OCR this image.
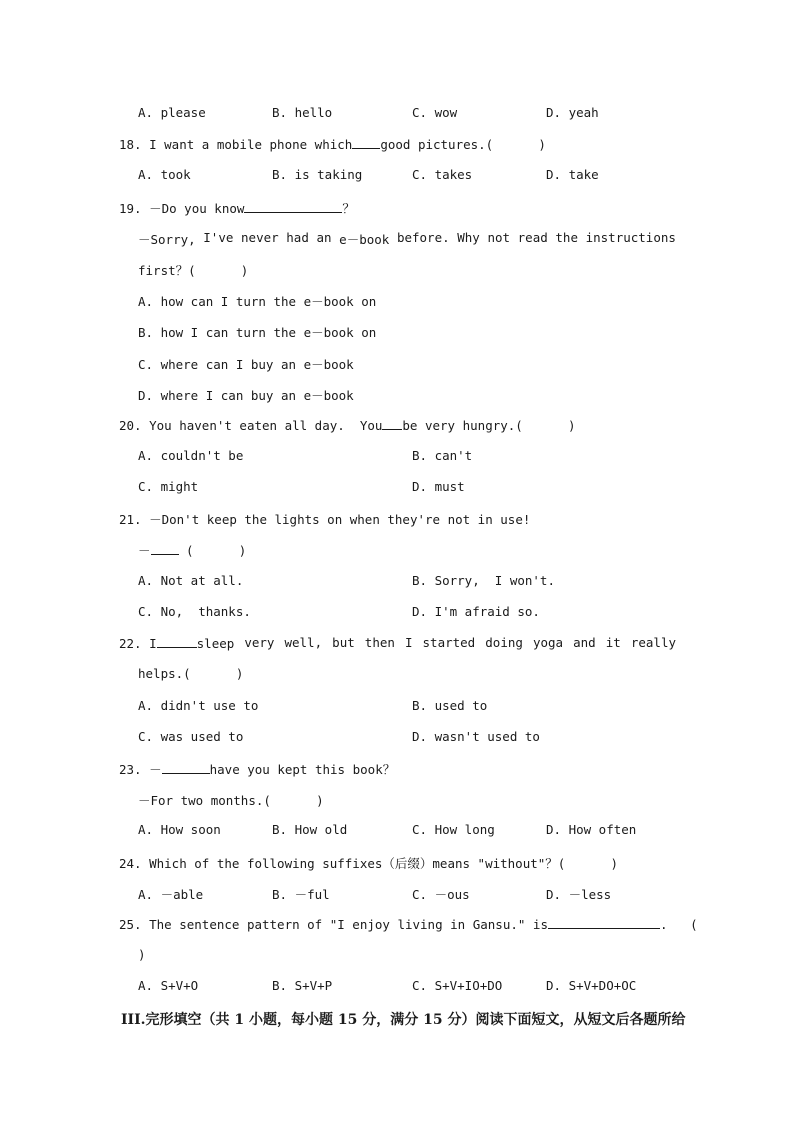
A. please	B. hello	C. wow	D. yeah
18. I want a mobile phone which good pictures.(      )
A. took	B. is taking	C. takes	D. take
19. －Do you know	？
－Sorry, I've never had an e－book before. Why not read the instructions
first？(      )
A. how can I turn the e－book on
B. how I can turn the e－book on
C. where can I buy an e－book
D. where I can buy an e－book
20. You haven't eaten all day.  You be very hungry.(      )
A. couldn't be	B. can't
C. might	D. must
21. －Don't keep the lights on when they're not in use!
－	(      )
A. Not at all.	B. Sorry,  I won't.
C. No,  thanks.	D. I'm afraid so.
22. I	sleep very well, but then I started doing yoga and it really
helps.(      )
A. didn't use to	B. used to
C. was used to	D. wasn't used to
23. －	have you kept this book？
－For two months.(      )
A. How soon	B. How old	C. How long	D. How often
24. Which of the following suffixes（后缀）means "without"？(      )
A. －able	B. －ful	C. －ous	D. －less
25. The sentence pattern of "I enjoy living in Gansu." is	.   (
)
A. S+V+O	B. S+V+P	C. S+V+IO+DO	D. S+V+DO+OC
III.完形填空（共 1 小题，每小题 15 分，满分 15 分）阅读下面短文，从短文后各题所给
